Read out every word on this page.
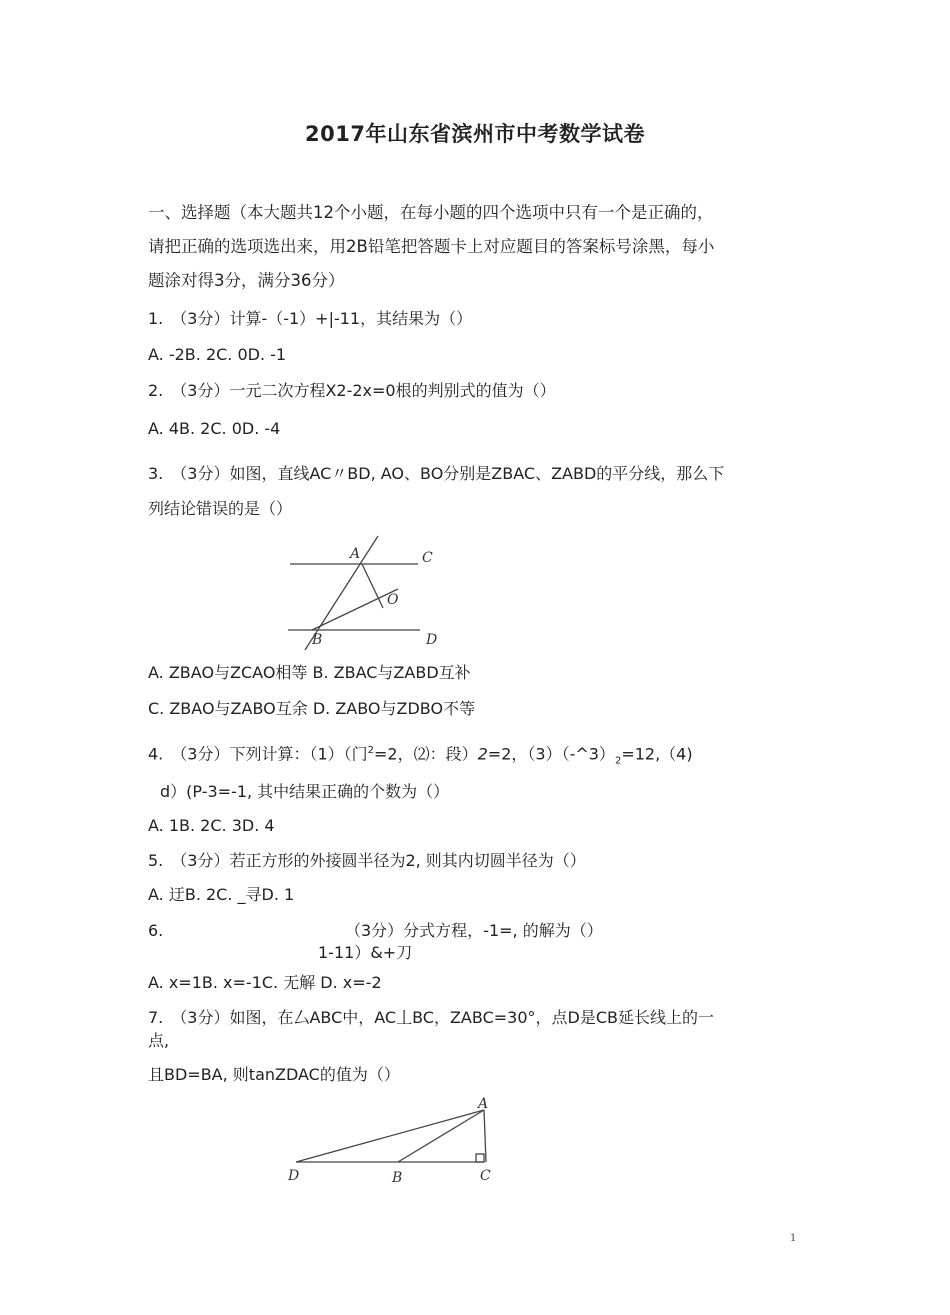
2017年山东省滨州市中考数学试卷
一、选择题（本大题共12个小题，在每小题的四个选项中只有一个是正确的，
请把正确的选项选出来，用2B铅笔把答题卡上对应题目的答案标号涂黑，每小
题涂对得3分，满分36分）
1.　（3分）计算-（-1）+|-11，其结果为（）
A. -2B. 2C. 0D. -1
2.　（3分）一元二次方程X2-2x=0根的判别式的值为（）
A. 4B. 2C. 0D. -4
3.　（3分）如图，直线AC〃BD, AO、BO分别是ZBAC、ZABD的平分线，那么下
列结论错误的是（）
A	C
O
B	D
A. ZBAO与ZCAO相等 B. ZBAC与ZABD互补
C. ZBAO与ZABO互余 D. ZABO与ZDBO不等
4.　（3分）下列计算：（1）（门$^2$=2，⑵：段）2=2，$(3)(-\^{}3)_2=12,(4)$
d）(P-3=-1, 其中结果正确的个数为（）
A. 1B. 2C. 3D. 4
5.　（3分）若正方形的外接圆半径为2, 则其内切圆半径为（）
A. 迂B. 2C. _寻D. 1
6.	（3分）分式方程，-1=, 的解为（）
1-11）&+刀
A. x=1B. x=-1C. 无解 D. x=-2
7.　（3分）如图，在厶ABC中，AC丄BC，ZABC=30°，点D是CB延长线上的一
点,
且BD=BA, 则tanZDAC的值为（）
A
D	B	C
1
